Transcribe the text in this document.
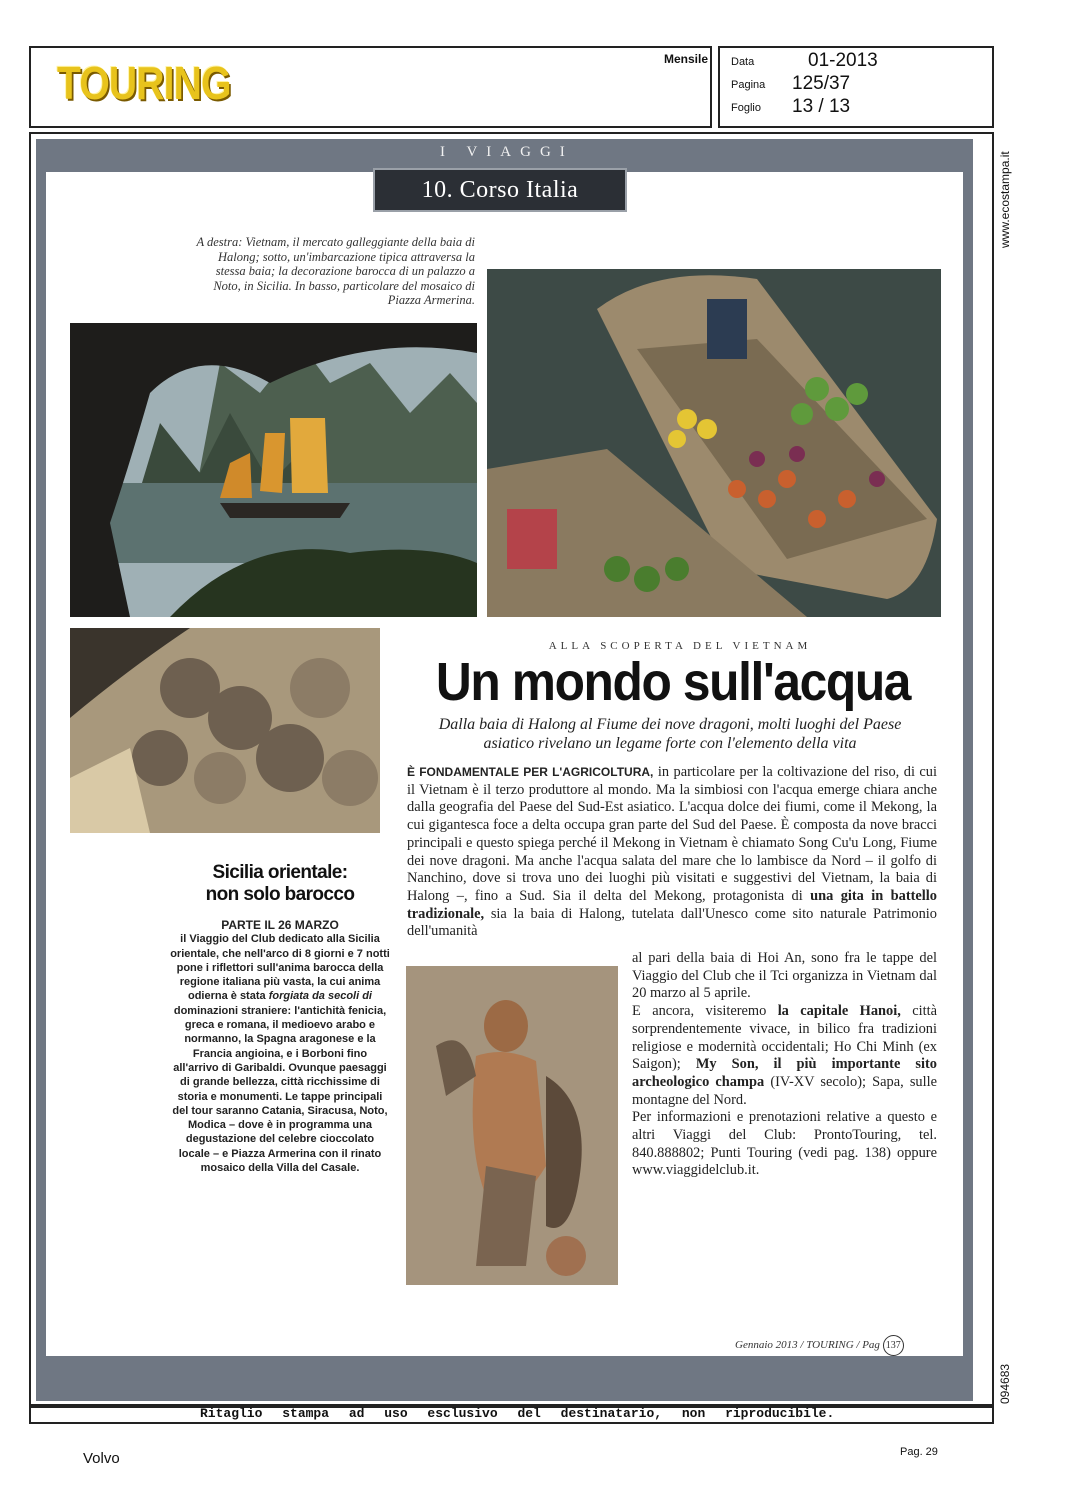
TOURING	Mensile Data	01-2013
Pagina 125/37
Foglio 13 / 13
www.ecostampa.it
094683
I VIAGGI
10. Corso Italia
A destra: Vietnam, il mercato galleggiante della baia di Halong; sotto, un'imbarcazione tipica attraversa la stessa baia; la decorazione barocca di un palazzo a Noto, in Sicilia. In basso, particolare del mosaico di Piazza Armerina.
ALLA SCOPERTA DEL VIETNAM
Un mondo sull'acqua
Dalla baia di Halong al Fiume dei nove dragoni, molti luoghi del Paese asiatico rivelano un legame forte con l'elemento della vita
È FONDAMENTALE PER L'AGRICOLTURA, in particolare per la coltivazione del riso, di cui il Vietnam è il terzo produttore al mondo. Ma la simbiosi con l'acqua emerge chiara anche dalla geografia del Paese del Sud-Est asiatico. L'acqua dolce dei fiumi, come il Mekong, la cui gigantesca foce a delta occupa gran parte del Sud del Paese. È composta da nove bracci principali e questo spiega perché il Mekong in Vietnam è chiamato Song Cu'u Long, Fiume dei nove dragoni. Ma anche l'acqua salata del mare che lo lambisce da Nord – il golfo di Nanchino, dove si trova uno dei luoghi più visitati e suggestivi del Vietnam, la baia di Halong –, fino a Sud. Sia il delta del Mekong, protagonista di una gita in battello tradizionale, sia la baia di Halong, tutelata dall'Unesco come sito naturale Patrimonio dell'umanità
al pari della baia di Hoi An, sono fra le tappe del Viaggio del Club che il Tci organizza in Vietnam dal 20 marzo al 5 aprile.
E ancora, visiteremo la capitale Hanoi, città sorprendentemente vivace, in bilico fra tradizioni religiose e modernità occidentali; Ho Chi Minh (ex Saigon); My Son, il più importante sito archeologico champa (IV-XV secolo); Sapa, sulle montagne del Nord.
Per informazioni e prenotazioni relative a questo e altri Viaggi del Club: ProntoTouring, tel. 840.888802; Punti Touring (vedi pag. 138) oppure www.viaggidelclub.it.
Sicilia orientale:
non solo barocco
PARTE IL 26 MARZO
il Viaggio del Club dedicato alla Sicilia orientale, che nell'arco di 8 giorni e 7 notti pone i riflettori sull'anima barocca della regione italiana più vasta, la cui anima odierna è stata forgiata da secoli di dominazioni straniere: l'antichità fenicia, greca e romana, il medioevo arabo e normanno, la Spagna aragonese e la Francia angioina, e i Borboni fino all'arrivo di Garibaldi. Ovunque paesaggi di grande bellezza, città ricchissime di storia e monumenti. Le tappe principali del tour saranno Catania, Siracusa, Noto, Modica – dove è in programma una degustazione del celebre cioccolato locale – e Piazza Armerina con il rinato mosaico della Villa del Casale.
Gennaio 2013 / TOURING / Pag 137
Ritaglio stampa ad uso esclusivo del destinatario, non riproducibile.
Volvo	Pag. 29
